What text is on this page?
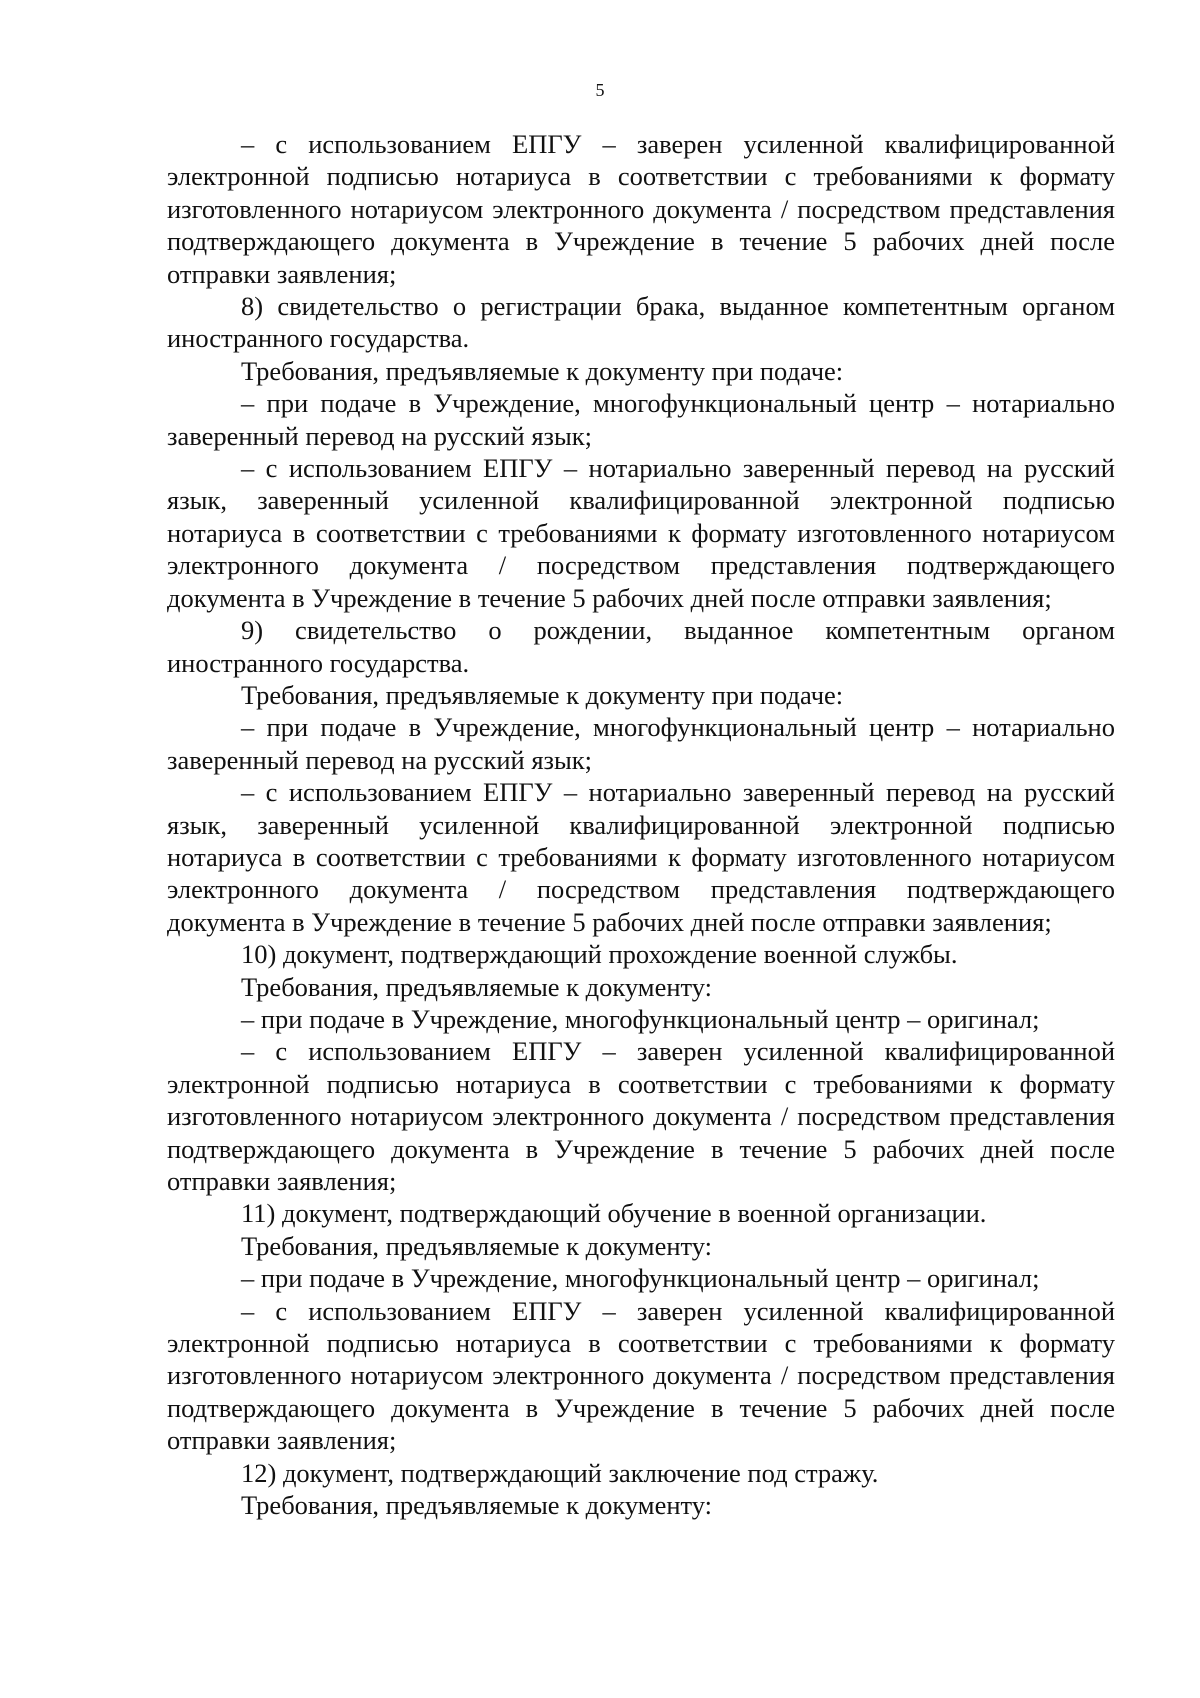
5

– с использованием ЕПГУ – заверен усиленной квалифицированной электронной подписью нотариуса в соответствии с требованиями к формату изготовленного нотариусом электронного документа / посредством представления подтверждающего документа в Учреждение в течение 5 рабочих дней после отправки заявления;

8) свидетельство о регистрации брака, выданное компетентным органом иностранного государства.

Требования, предъявляемые к документу при подаче:

– при подаче в Учреждение, многофункциональный центр – нотариально заверенный перевод на русский язык;

– с использованием ЕПГУ – нотариально заверенный перевод на русский язык, заверенный усиленной квалифицированной электронной подписью нотариуса в соответствии с требованиями к формату изготовленного нотариусом электронного документа / посредством представления подтверждающего документа в Учреждение в течение 5 рабочих дней после отправки заявления;

9) свидетельство о рождении, выданное компетентным органом иностранного государства.

Требования, предъявляемые к документу при подаче:

– при подаче в Учреждение, многофункциональный центр – нотариально заверенный перевод на русский язык;

– с использованием ЕПГУ – нотариально заверенный перевод на русский язык, заверенный усиленной квалифицированной электронной подписью нотариуса в соответствии с требованиями к формату изготовленного нотариусом электронного документа / посредством представления подтверждающего документа в Учреждение в течение 5 рабочих дней после отправки заявления;

10) документ, подтверждающий прохождение военной службы.

Требования, предъявляемые к документу:

– при подаче в Учреждение, многофункциональный центр – оригинал;

– с использованием ЕПГУ – заверен усиленной квалифицированной электронной подписью нотариуса в соответствии с требованиями к формату изготовленного нотариусом электронного документа / посредством представления подтверждающего документа в Учреждение в течение 5 рабочих дней после отправки заявления;

11) документ, подтверждающий обучение в военной организации.

Требования, предъявляемые к документу:

– при подаче в Учреждение, многофункциональный центр – оригинал;

– с использованием ЕПГУ – заверен усиленной квалифицированной электронной подписью нотариуса в соответствии с требованиями к формату изготовленного нотариусом электронного документа / посредством представления подтверждающего документа в Учреждение в течение 5 рабочих дней после отправки заявления;

12) документ, подтверждающий заключение под стражу.

Требования, предъявляемые к документу:
